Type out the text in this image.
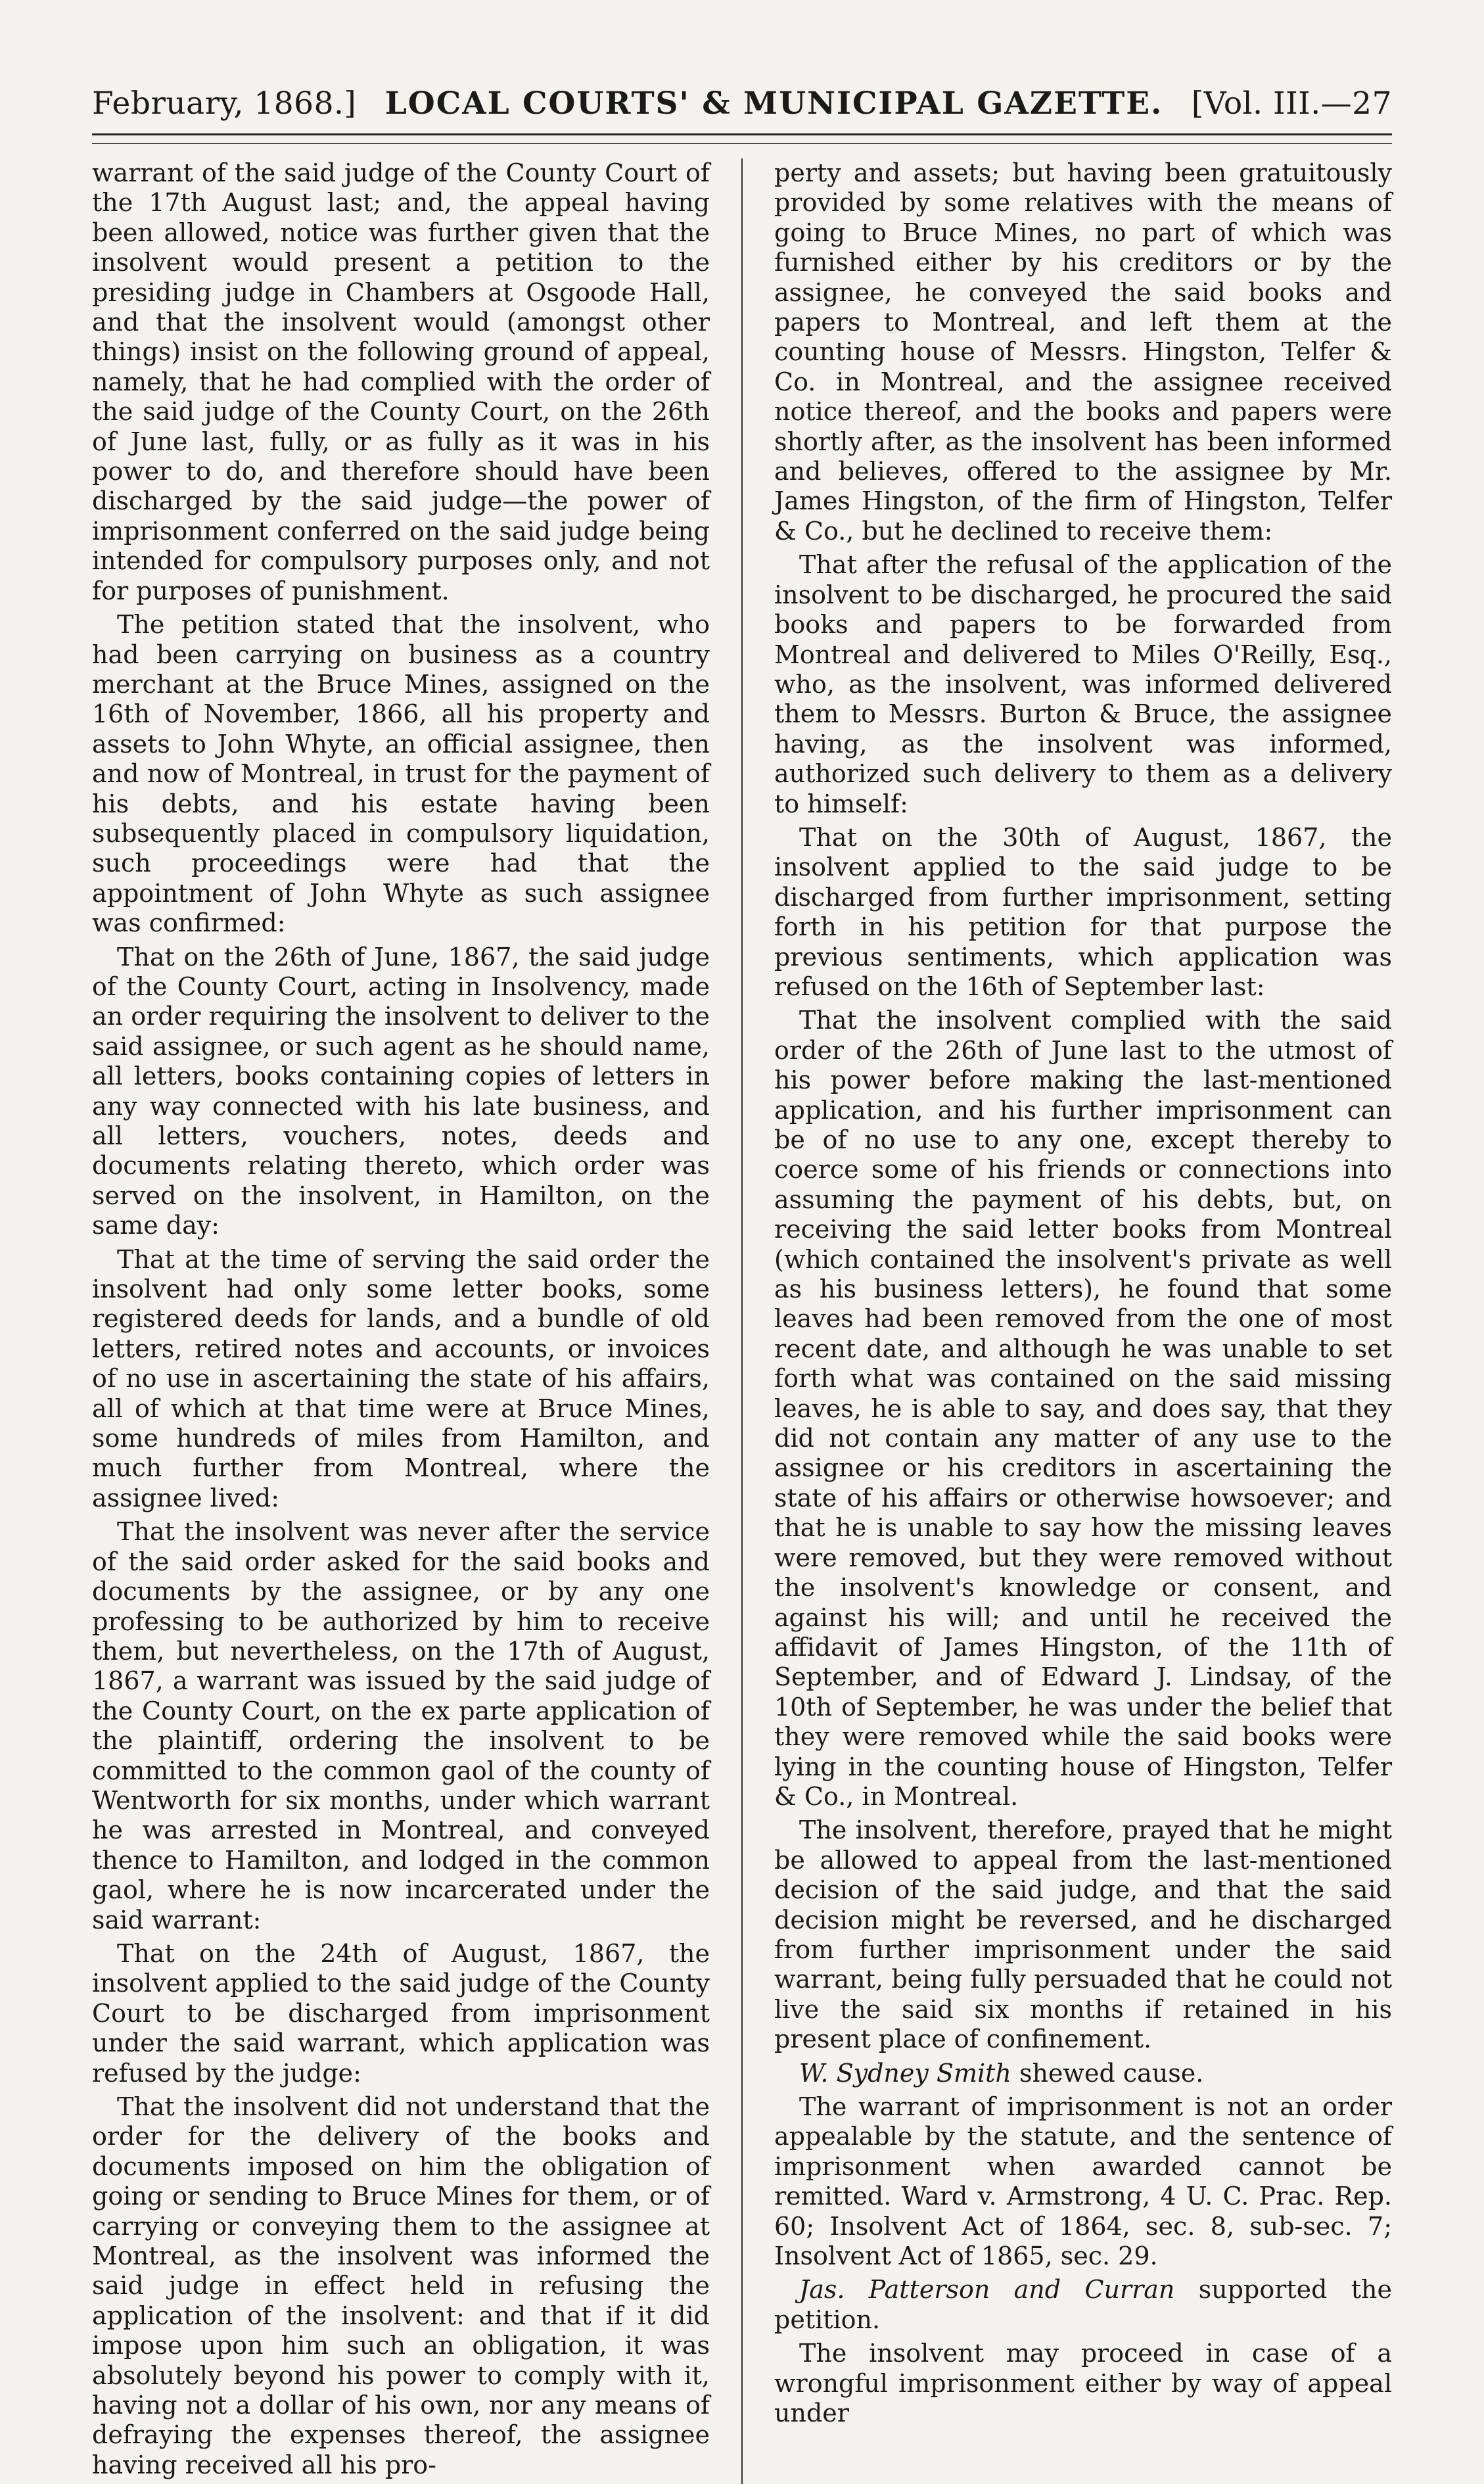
February, 1868.] LOCAL COURTS' & MUNICIPAL GAZETTE. [Vol. III.—27

warrant of the said judge of the County Court of the 17th August last; and, the appeal having been allowed, notice was further given that the insolvent would present a petition to the presiding judge in Chambers at Osgoode Hall, and that the insolvent would (amongst other things) insist on the following ground of appeal, namely, that he had complied with the order of the said judge of the County Court, on the 26th of June last, fully, or as fully as it was in his power to do, and therefore should have been discharged by the said judge—the power of imprisonment conferred on the said judge being intended for compulsory purposes only, and not for purposes of punishment.

The petition stated that the insolvent, who had been carrying on business as a country merchant at the Bruce Mines, assigned on the 16th of November, 1866, all his property and assets to John Whyte, an official assignee, then and now of Montreal, in trust for the payment of his debts, and his estate having been subsequently placed in compulsory liquidation, such proceedings were had that the appointment of John Whyte as such assignee was confirmed:

That on the 26th of June, 1867, the said judge of the County Court, acting in Insolvency, made an order requiring the insolvent to deliver to the said assignee, or such agent as he should name, all letters, books containing copies of letters in any way connected with his late business, and all letters, vouchers, notes, deeds and documents relating thereto, which order was served on the insolvent, in Hamilton, on the same day:

That at the time of serving the said order the insolvent had only some letter books, some registered deeds for lands, and a bundle of old letters, retired notes and accounts, or invoices of no use in ascertaining the state of his affairs, all of which at that time were at Bruce Mines, some hundreds of miles from Hamilton, and much further from Montreal, where the assignee lived:

That the insolvent was never after the service of the said order asked for the said books and documents by the assignee, or by any one professing to be authorized by him to receive them, but nevertheless, on the 17th of August, 1867, a warrant was issued by the said judge of the County Court, on the ex parte application of the plaintiff, ordering the insolvent to be committed to the common gaol of the county of Wentworth for six months, under which warrant he was arrested in Montreal, and conveyed thence to Hamilton, and lodged in the common gaol, where he is now incarcerated under the said warrant:

That on the 24th of August, 1867, the insolvent applied to the said judge of the County Court to be discharged from imprisonment under the said warrant, which application was refused by the judge:

That the insolvent did not understand that the order for the delivery of the books and documents imposed on him the obligation of going or sending to Bruce Mines for them, or of carrying or conveying them to the assignee at Montreal, as the insolvent was informed the said judge in effect held in refusing the application of the insolvent: and that if it did impose upon him such an obligation, it was absolutely beyond his power to comply with it, having not a dollar of his own, nor any means of defraying the expenses thereof, the assignee having received all his pro-

perty and assets; but having been gratuitously provided by some relatives with the means of going to Bruce Mines, no part of which was furnished either by his creditors or by the assignee, he conveyed the said books and papers to Montreal, and left them at the counting house of Messrs. Hingston, Telfer & Co. in Montreal, and the assignee received notice thereof, and the books and papers were shortly after, as the insolvent has been informed and believes, offered to the assignee by Mr. James Hingston, of the firm of Hingston, Telfer & Co., but he declined to receive them:

That after the refusal of the application of the insolvent to be discharged, he procured the said books and papers to be forwarded from Montreal and delivered to Miles O'Reilly, Esq., who, as the insolvent, was informed delivered them to Messrs. Burton & Bruce, the assignee having, as the insolvent was informed, authorized such delivery to them as a delivery to himself:

That on the 30th of August, 1867, the insolvent applied to the said judge to be discharged from further imprisonment, setting forth in his petition for that purpose the previous sentiments, which application was refused on the 16th of September last:

That the insolvent complied with the said order of the 26th of June last to the utmost of his power before making the last-mentioned application, and his further imprisonment can be of no use to any one, except thereby to coerce some of his friends or connections into assuming the payment of his debts, but, on receiving the said letter books from Montreal (which contained the insolvent's private as well as his business letters), he found that some leaves had been removed from the one of most recent date, and although he was unable to set forth what was contained on the said missing leaves, he is able to say, and does say, that they did not contain any matter of any use to the assignee or his creditors in ascertaining the state of his affairs or otherwise howsoever; and that he is unable to say how the missing leaves were removed, but they were removed without the insolvent's knowledge or consent, and against his will; and until he received the affidavit of James Hingston, of the 11th of September, and of Edward J. Lindsay, of the 10th of September, he was under the belief that they were removed while the said books were lying in the counting house of Hingston, Telfer & Co., in Montreal.

The insolvent, therefore, prayed that he might be allowed to appeal from the last-mentioned decision of the said judge, and that the said decision might be reversed, and he discharged from further imprisonment under the said warrant, being fully persuaded that he could not live the said six months if retained in his present place of confinement.

W. Sydney Smith shewed cause.

The warrant of imprisonment is not an order appealable by the statute, and the sentence of imprisonment when awarded cannot be remitted. Ward v. Armstrong, 4 U. C. Prac. Rep. 60; Insolvent Act of 1864, sec. 8, sub-sec. 7; Insolvent Act of 1865, sec. 29.

Jas. Patterson and Curran supported the petition.

The insolvent may proceed in case of a wrongful imprisonment either by way of appeal under
